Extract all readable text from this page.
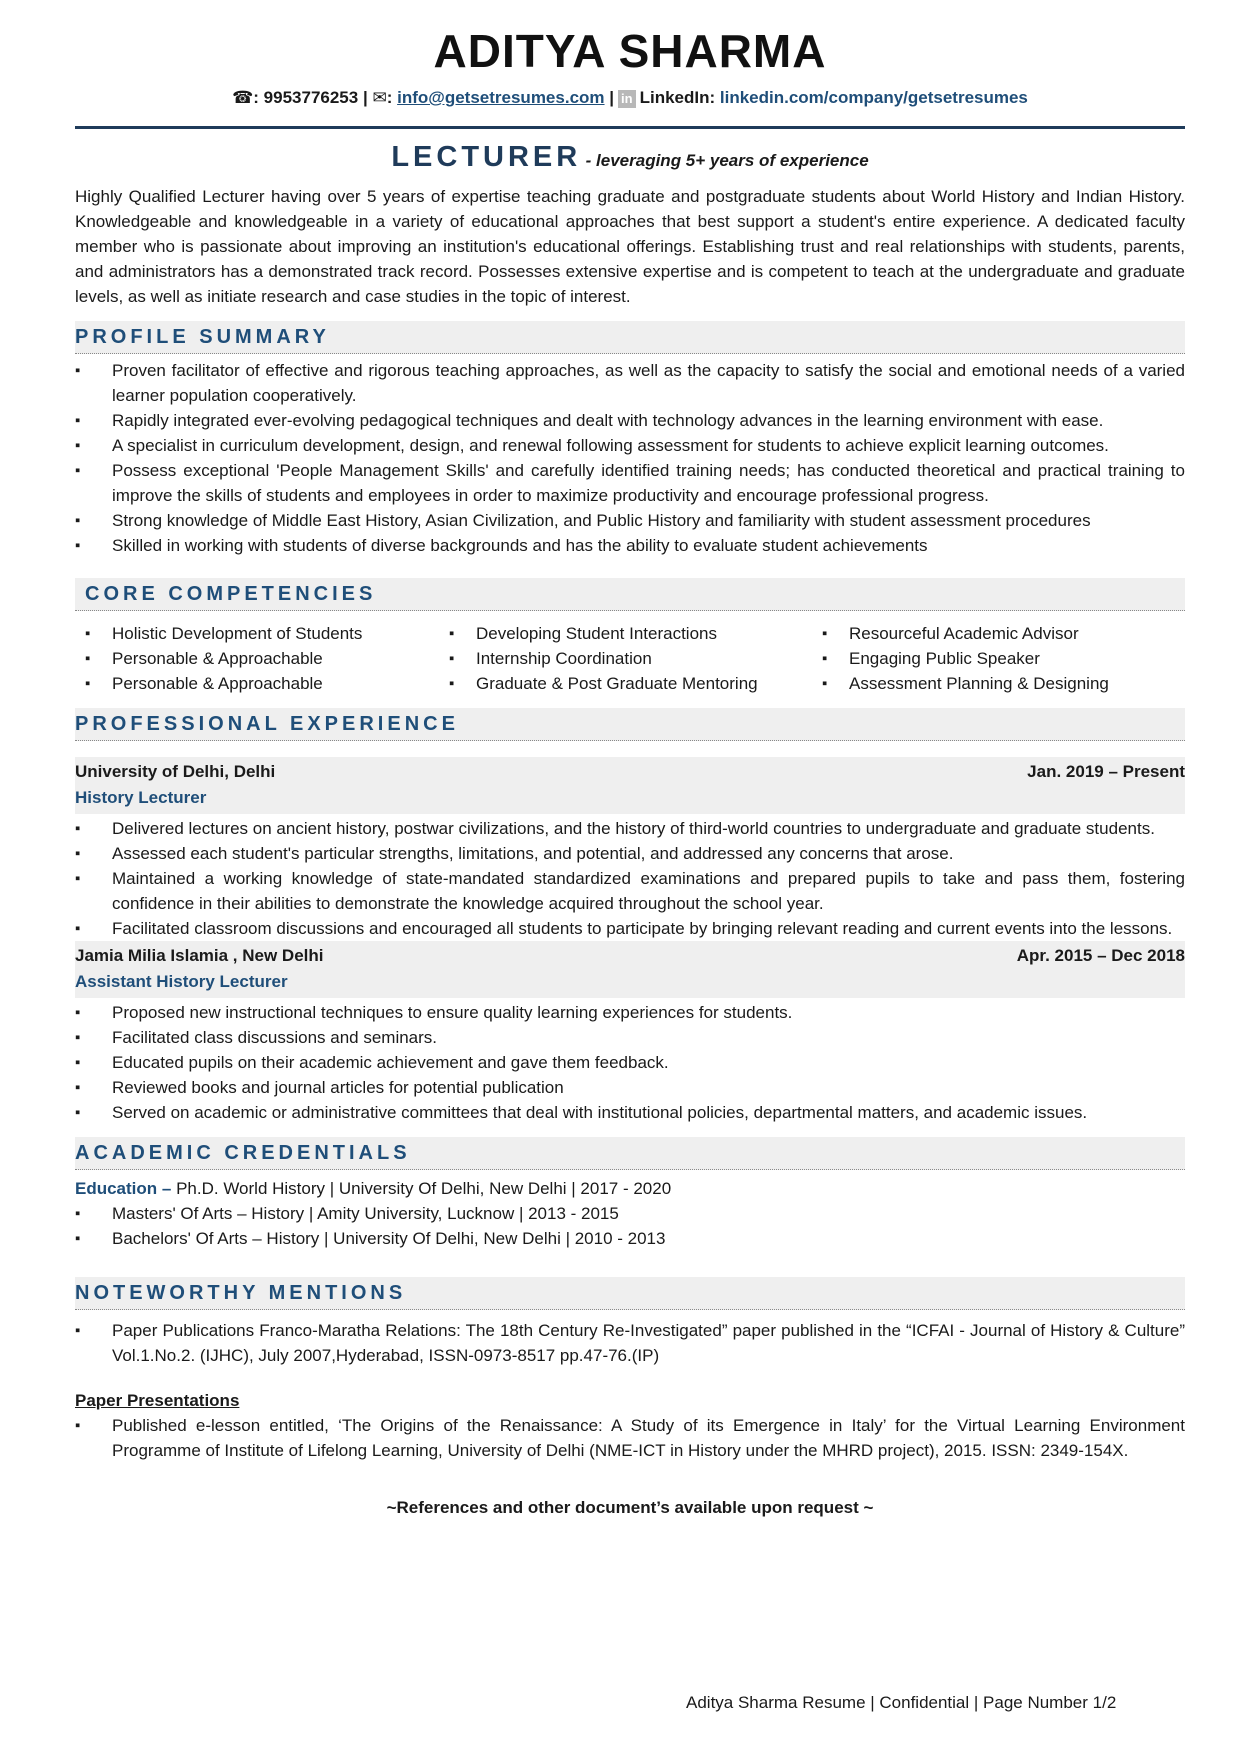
ADITYA SHARMA
☎: 9953776253 | ✉: info@getsetresumes.com | in LinkedIn: linkedin.com/company/getsetresumes
LECTURER - leveraging 5+ years of experience
Highly Qualified Lecturer having over 5 years of expertise teaching graduate and postgraduate students about World History and Indian History. Knowledgeable and knowledgeable in a variety of educational approaches that best support a student's entire experience. A dedicated faculty member who is passionate about improving an institution's educational offerings. Establishing trust and real relationships with students, parents, and administrators has a demonstrated track record. Possesses extensive expertise and is competent to teach at the undergraduate and graduate levels, as well as initiate research and case studies in the topic of interest.
PROFILE SUMMARY
▪ Proven facilitator of effective and rigorous teaching approaches, as well as the capacity to satisfy the social and emotional needs of a varied learner population cooperatively.
▪ Rapidly integrated ever-evolving pedagogical techniques and dealt with technology advances in the learning environment with ease.
▪ A specialist in curriculum development, design, and renewal following assessment for students to achieve explicit learning outcomes.
▪ Possess exceptional 'People Management Skills' and carefully identified training needs; has conducted theoretical and practical training to improve the skills of students and employees in order to maximize productivity and encourage professional progress.
▪ Strong knowledge of Middle East History, Asian Civilization, and Public History and familiarity with student assessment procedures
▪ Skilled in working with students of diverse backgrounds and has the ability to evaluate student achievements
CORE COMPETENCIES
▪ Holistic Development of Students
▪ Personable & Approachable
▪ Personable & Approachable
▪ Developing Student Interactions
▪ Internship Coordination
▪ Graduate & Post Graduate Mentoring
▪ Resourceful Academic Advisor
▪ Engaging Public Speaker
▪ Assessment Planning & Designing
PROFESSIONAL EXPERIENCE
University of Delhi, Delhi	Jan. 2019 – Present
History Lecturer
▪ Delivered lectures on ancient history, postwar civilizations, and the history of third-world countries to undergraduate and graduate students.
▪ Assessed each student's particular strengths, limitations, and potential, and addressed any concerns that arose.
▪ Maintained a working knowledge of state-mandated standardized examinations and prepared pupils to take and pass them, fostering confidence in their abilities to demonstrate the knowledge acquired throughout the school year.
▪ Facilitated classroom discussions and encouraged all students to participate by bringing relevant reading and current events into the lessons.
Jamia Milia Islamia , New Delhi	Apr. 2015 – Dec 2018
Assistant History Lecturer
▪ Proposed new instructional techniques to ensure quality learning experiences for students.
▪ Facilitated class discussions and seminars.
▪ Educated pupils on their academic achievement and gave them feedback.
▪ Reviewed books and journal articles for potential publication
▪ Served on academic or administrative committees that deal with institutional policies, departmental matters, and academic issues.
ACADEMIC CREDENTIALS
Education – Ph.D. World History | University Of Delhi, New Delhi | 2017 - 2020
▪ Masters' Of Arts – History | Amity University, Lucknow | 2013 - 2015
▪ Bachelors' Of Arts – History | University Of Delhi, New Delhi | 2010 - 2013
NOTEWORTHY MENTIONS
▪ Paper Publications Franco-Maratha Relations: The 18th Century Re-Investigated” paper published in the “ICFAI - Journal of History & Culture” Vol.1.No.2. (IJHC), July 2007,Hyderabad, ISSN-0973-8517 pp.47-76.(IP)
Paper Presentations
▪ Published e-lesson entitled, ‘The Origins of the Renaissance: A Study of its Emergence in Italy’ for the Virtual Learning Environment Programme of Institute of Lifelong Learning, University of Delhi (NME-ICT in History under the MHRD project), 2015. ISSN: 2349-154X.
~References and other document’s available upon request ~
Aditya Sharma Resume | Confidential | Page Number 1/2
